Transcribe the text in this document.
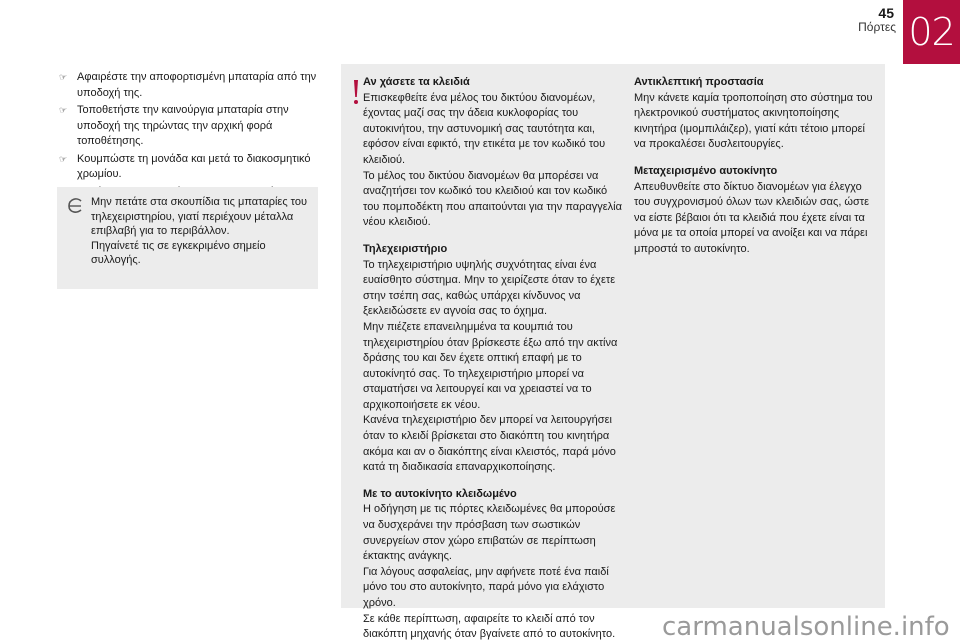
45
Πόρτες 02
☞ Αφαιρέστε την αποφορτισμένη μπαταρία από την υποδοχή της.
☞ Τοποθετήστε την καινούργια μπαταρία στην υποδοχή της τηρώντας την αρχική φορά τοποθέτησης.
☞ Κουμπώστε τη μονάδα και μετά το διακοσμητικό χρωμίου.
Μην πετάτε στα σκουπίδια τις μπαταρίες του τηλεχειριστηρίου, γιατί περιέχουν μέταλλα επιβλαβή για το περιβάλλον.
Πηγαίνετέ τις σε εγκεκριμένο σημείο συλλογής.
Αν χάσετε τα κλειδιά
Επισκεφθείτε ένα μέλος του δικτύου διανομέων, έχοντας μαζί σας την άδεια κυκλοφορίας του αυτοκινήτου, την αστυνομική σας ταυτότητα και, εφόσον είναι εφικτό, την ετικέτα με τον κωδικό του κλειδιού.

Το μέλος του δικτύου διανομέων θα μπορέσει να αναζητήσει τον κωδικό του κλειδιού και τον κωδικό του πομποδέκτη που απαιτούνται για την παραγγελία νέου κλειδιού.

Τηλεχειριστήριο
Το τηλεχειριστήριο υψηλής συχνότητας είναι ένα ευαίσθητο σύστημα. Μην το χειρίζεστε όταν το έχετε στην τσέπη σας, καθώς υπάρχει κίνδυνος να ξεκλειδώσετε εν αγνοία σας το όχημα.
Μην πιέζετε επανειλημμένα τα κουμπιά του τηλεχειριστηρίου όταν βρίσκεστε έξω από την ακτίνα δράσης του και δεν έχετε οπτική επαφή με το αυτοκίνητό σας. Το τηλεχειριστήριο μπορεί να σταματήσει να λειτουργεί και να χρειαστεί να το αρχικοποιήσετε εκ νέου.

Κανένα τηλεχειριστήριο δεν μπορεί να λειτουργήσει όταν το κλειδί βρίσκεται στο διακόπτη του κινητήρα ακόμα και αν ο διακόπτης είναι κλειστός, παρά μόνο κατά τη διαδικασία επαναρχικοποίησης.

Με το αυτοκίνητο κλειδωμένο
Η οδήγηση με τις πόρτες κλειδωμένες θα μπορούσε να δυσχεράνει την πρόσβαση των σωστικών συνεργείων στον χώρο επιβατών σε περίπτωση έκτακτης ανάγκης.
Για λόγους ασφαλείας, μην αφήνετε ποτέ ένα παιδί μόνο του στο αυτοκίνητο, παρά μόνο για ελάχιστο χρόνο.
Σε κάθε περίπτωση, αφαιρείτε το κλειδί από τον διακόπτη μηχανής όταν βγαίνετε από το αυτοκίνητο.
Αντικλεπτική προστασία

Μην κάνετε καμία τροποποίηση στο σύστημα του ηλεκτρονικού συστήματος ακινητοποίησης κινητήρα (ιμομπιλάιζερ), γιατί κάτι τέτοιο μπορεί να προκαλέσει δυσλειτουργίες.

Μεταχειρισμένο αυτοκίνητο

Απευθυνθείτε στο δίκτυο διανομέων για έλεγχο του συγχρονισμού όλων των κλειδιών σας, ώστε να είστε βέβαιοι ότι τα κλειδιά που έχετε είναι τα μόνα με τα οποία μπορεί να ανοίξει και να πάρει μπροστά το αυτοκίνητο.

carmanualsonline.info
